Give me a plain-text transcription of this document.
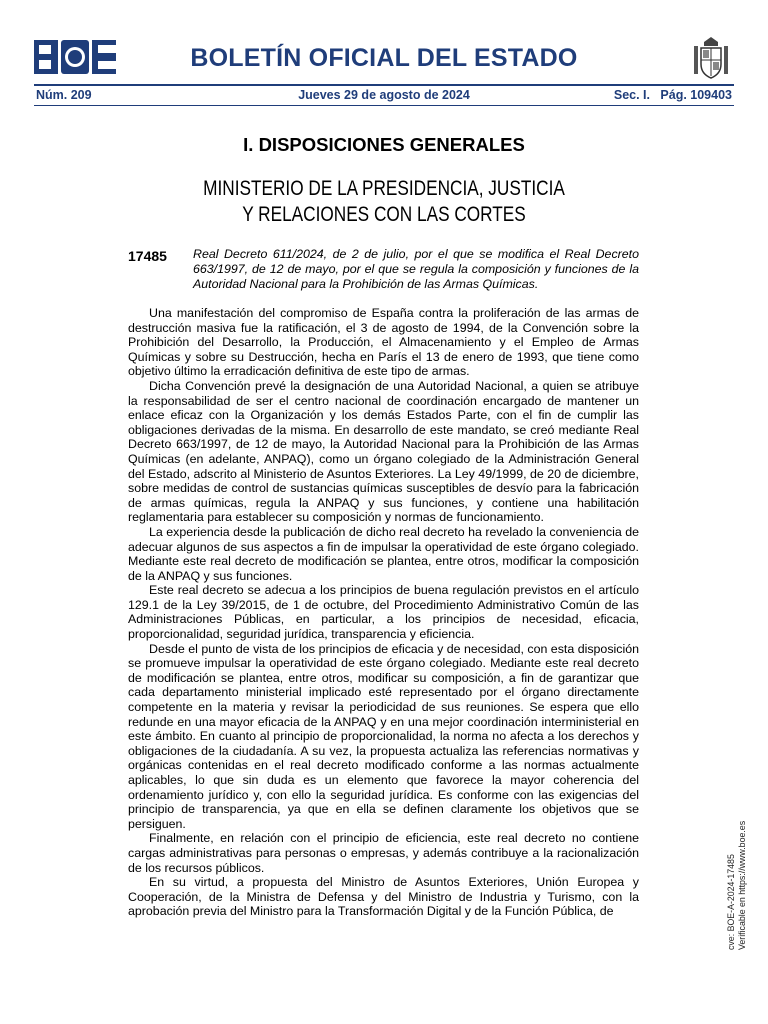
BOLETÍN OFICIAL DEL ESTADO
Núm. 209	Jueves 29 de agosto de 2024	Sec. I.   Pág. 109403
I. DISPOSICIONES GENERALES
MINISTERIO DE LA PRESIDENCIA, JUSTICIA
Y RELACIONES CON LAS CORTES
17485 Real Decreto 611/2024, de 2 de julio, por el que se modifica el Real Decreto 663/1997, de 12 de mayo, por el que se regula la composición y funciones de la Autoridad Nacional para la Prohibición de las Armas Químicas.

Una manifestación del compromiso de España contra la proliferación de las armas de destrucción masiva fue la ratificación, el 3 de agosto de 1994, de la Convención sobre la Prohibición del Desarrollo, la Producción, el Almacenamiento y el Empleo de Armas Químicas y sobre su Destrucción, hecha en París el 13 de enero de 1993, que tiene como objetivo último la erradicación definitiva de este tipo de armas.

Dicha Convención prevé la designación de una Autoridad Nacional, a quien se atribuye la responsabilidad de ser el centro nacional de coordinación encargado de mantener un enlace eficaz con la Organización y los demás Estados Parte, con el fin de cumplir las obligaciones derivadas de la misma. En desarrollo de este mandato, se creó mediante Real Decreto 663/1997, de 12 de mayo, la Autoridad Nacional para la Prohibición de las Armas Químicas (en adelante, ANPAQ), como un órgano colegiado de la Administración General del Estado, adscrito al Ministerio de Asuntos Exteriores. La Ley 49/1999, de 20 de diciembre, sobre medidas de control de sustancias químicas susceptibles de desvío para la fabricación de armas químicas, regula la ANPAQ y sus funciones, y contiene una habilitación reglamentaria para establecer su composición y normas de funcionamiento.

La experiencia desde la publicación de dicho real decreto ha revelado la conveniencia de adecuar algunos de sus aspectos a fin de impulsar la operatividad de este órgano colegiado. Mediante este real decreto de modificación se plantea, entre otros, modificar la composición de la ANPAQ y sus funciones.

Este real decreto se adecua a los principios de buena regulación previstos en el artículo 129.1 de la Ley 39/2015, de 1 de octubre, del Procedimiento Administrativo Común de las Administraciones Públicas, en particular, a los principios de necesidad, eficacia, proporcionalidad, seguridad jurídica, transparencia y eficiencia.

Desde el punto de vista de los principios de eficacia y de necesidad, con esta disposición se promueve impulsar la operatividad de este órgano colegiado. Mediante este real decreto de modificación se plantea, entre otros, modificar su composición, a fin de garantizar que cada departamento ministerial implicado esté representado por el órgano directamente competente en la materia y revisar la periodicidad de sus reuniones. Se espera que ello redunde en una mayor eficacia de la ANPAQ y en una mejor coordinación interministerial en este ámbito. En cuanto al principio de proporcionalidad, la norma no afecta a los derechos y obligaciones de la ciudadanía. A su vez, la propuesta actualiza las referencias normativas y orgánicas contenidas en el real decreto modificado conforme a las normas actualmente aplicables, lo que sin duda es un elemento que favorece la mayor coherencia del ordenamiento jurídico y, con ello la seguridad jurídica. Es conforme con las exigencias del principio de transparencia, ya que en ella se definen claramente los objetivos que se persiguen.

Finalmente, en relación con el principio de eficiencia, este real decreto no contiene cargas administrativas para personas o empresas, y además contribuye a la racionalización de los recursos públicos.

En su virtud, a propuesta del Ministro de Asuntos Exteriores, Unión Europea y Cooperación, de la Ministra de Defensa y del Ministro de Industria y Turismo, con la aprobación previa del Ministro para la Transformación Digital y de la Función Pública, de	cve: BOE-A-2024-17485 Verificable en https://www.boe.es
